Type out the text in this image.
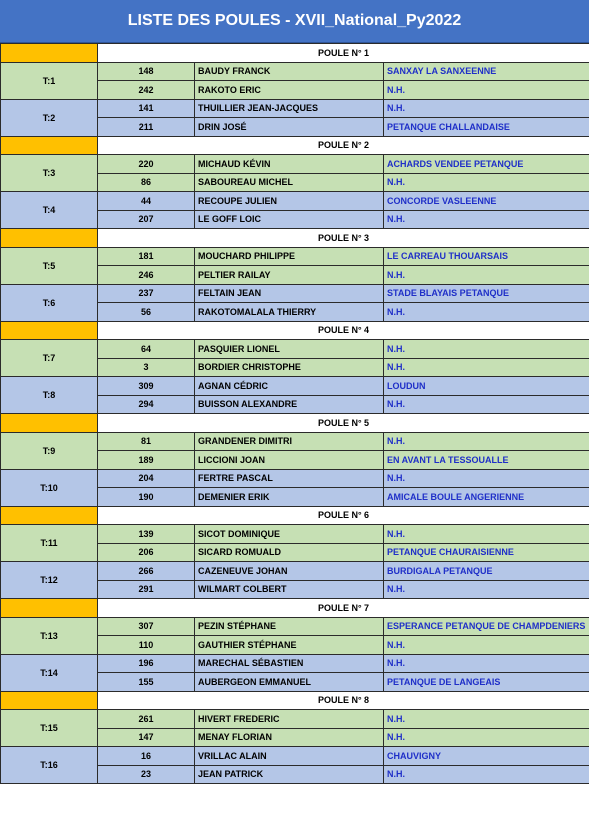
LISTE DES POULES - XVII_National_Py2022
	POULE N° 1		
T:1	148	BAUDY FRANCK	SANXAY LA SANXEENNE
	242	RAKOTO ERIC	N.H.
T:2	141	THUILLIER JEAN-JACQUES	N.H.
	211	DRIN JOSÉ	PETANQUE CHALLANDAISE
	POULE N° 2		
T:3	220	MICHAUD KÉVIN	ACHARDS VENDEE PETANQUE
	86	SABOUREAU MICHEL	N.H.
T:4	44	RECOUPE JULIEN	CONCORDE VASLEENNE
	207	LE GOFF LOIC	N.H.
	POULE N° 3		
T:5	181	MOUCHARD PHILIPPE	LE CARREAU THOUARSAIS
	246	PELTIER RAILAY	N.H.
T:6	237	FELTAIN JEAN	STADE BLAYAIS PETANQUE
	56	RAKOTOMALALA THIERRY	N.H.
	POULE N° 4		
T:7	64	PASQUIER LIONEL	N.H.
	3	BORDIER CHRISTOPHE	N.H.
T:8	309	AGNAN CÉDRIC	LOUDUN
	294	BUISSON ALEXANDRE	N.H.
	POULE N° 5		
T:9	81	GRANDENER DIMITRI	N.H.
	189	LICCIONI JOAN	EN AVANT LA TESSOUALLE
T:10	204	FERTRE PASCAL	N.H.
	190	DEMENIER ERIK	AMICALE BOULE ANGERIENNE
	POULE N° 6		
T:11	139	SICOT DOMINIQUE	N.H.
	206	SICARD ROMUALD	PETANQUE CHAURAISIENNE
T:12	266	CAZENEUVE JOHAN	BURDIGALA PETANQUE
	291	WILMART COLBERT	N.H.
	POULE N° 7		
T:13	307	PEZIN STÉPHANE	ESPERANCE PETANQUE DE CHAMPDENIERS
	110	GAUTHIER STÉPHANE	N.H.
T:14	196	MARECHAL SÉBASTIEN	N.H.
	155	AUBERGEON EMMANUEL	PETANQUE DE LANGEAIS
	POULE N° 8		
T:15	261	HIVERT FREDERIC	N.H.
	147	MENAY FLORIAN	N.H.
T:16	16	VRILLAC ALAIN	CHAUVIGNY
	23	JEAN PATRICK	N.H.
